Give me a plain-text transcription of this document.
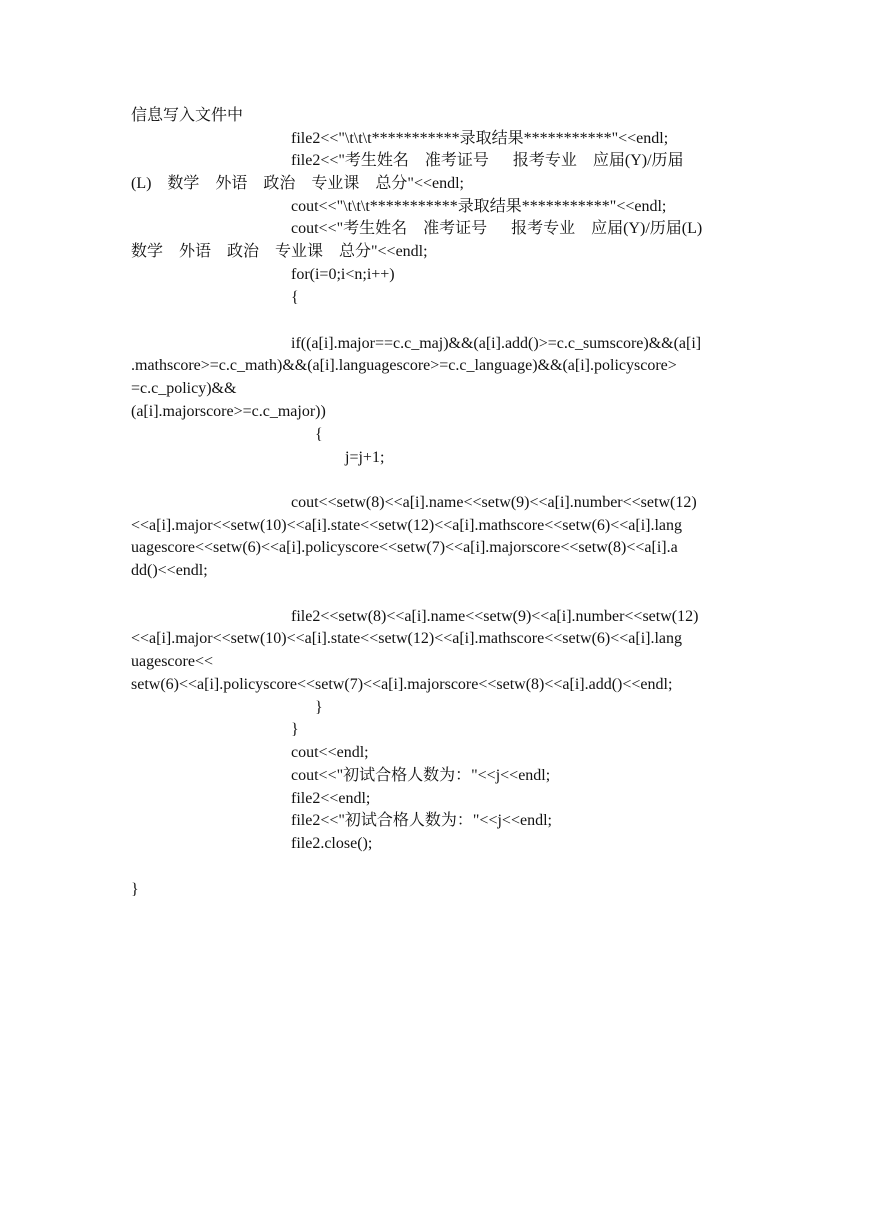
信息写入文件中

file2<<"\t\t\t***********录取结果***********"<<endl;

file2<<"考生姓名    准考证号      报考专业    应届(Y)/历届

(L)    数学    外语    政治    专业课    总分"<<endl;

cout<<"\t\t\t***********录取结果***********"<<endl;

cout<<"考生姓名    准考证号      报考专业    应届(Y)/历届(L)

数学    外语    政治    专业课    总分"<<endl;

for(i=0;i<n;i++)

{

if((a[i].major==c.c_maj)&&(a[i].add()>=c.c_sumscore)&&(a[i]

.mathscore>=c.c_math)&&(a[i].languagescore>=c.c_language)&&(a[i].policyscore>

=c.c_policy)&&

(a[i].majorscore>=c.c_major))

{

j=j+1;

cout<<setw(8)<<a[i].name<<setw(9)<<a[i].number<<setw(12)

<<a[i].major<<setw(10)<<a[i].state<<setw(12)<<a[i].mathscore<<setw(6)<<a[i].lang

uagescore<<setw(6)<<a[i].policyscore<<setw(7)<<a[i].majorscore<<setw(8)<<a[i].a

dd()<<endl;

file2<<setw(8)<<a[i].name<<setw(9)<<a[i].number<<setw(12)

<<a[i].major<<setw(10)<<a[i].state<<setw(12)<<a[i].mathscore<<setw(6)<<a[i].lang

uagescore<<

setw(6)<<a[i].policyscore<<setw(7)<<a[i].majorscore<<setw(8)<<a[i].add()<<endl;

}

}

cout<<endl;

cout<<"初试合格人数为："<<j<<endl;

file2<<endl;

file2<<"初试合格人数为："<<j<<endl;

file2.close();

}
